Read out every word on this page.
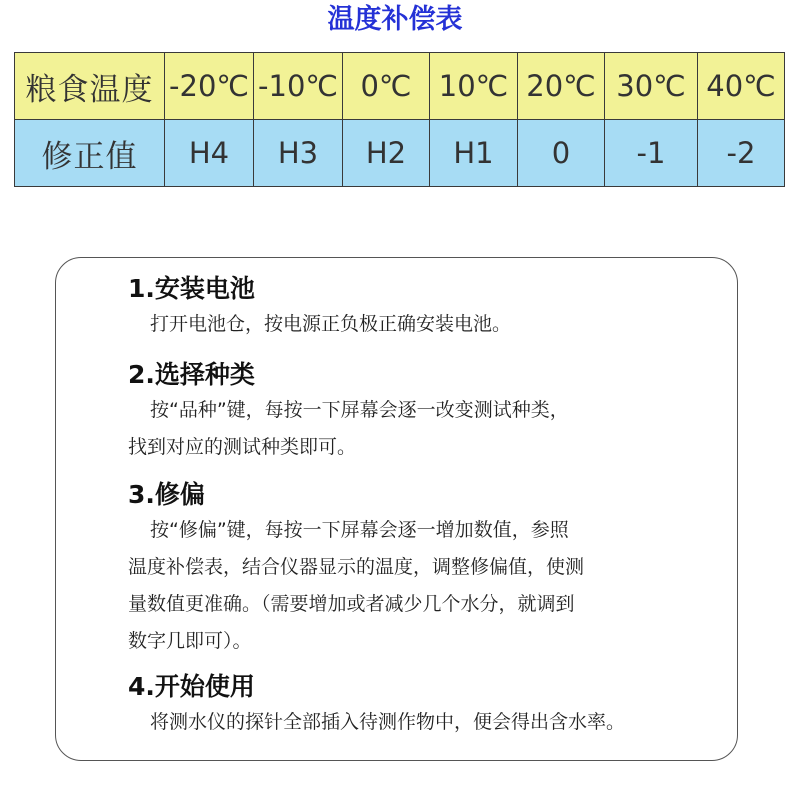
温度补偿表
粮食温度	-20℃	-10℃	0℃	10℃	20℃	30℃	40℃
修正值	H4	H3	H2	H1	0	-1	-2
1.安装电池

打开电池仓，按电源正负极正确安装电池。

2.选择种类

按“品种”键，每按一下屏幕会逐一改变测试种类，

找到对应的测试种类即可。

3.修偏

按“修偏”键，每按一下屏幕会逐一增加数值，参照

温度补偿表，结合仪器显示的温度，调整修偏值，使测

量数值更准确。（需要增加或者减少几个水分，就调到

数字几即可）。

4.开始使用

将测水仪的探针全部插入待测作物中，便会得出含水率。
